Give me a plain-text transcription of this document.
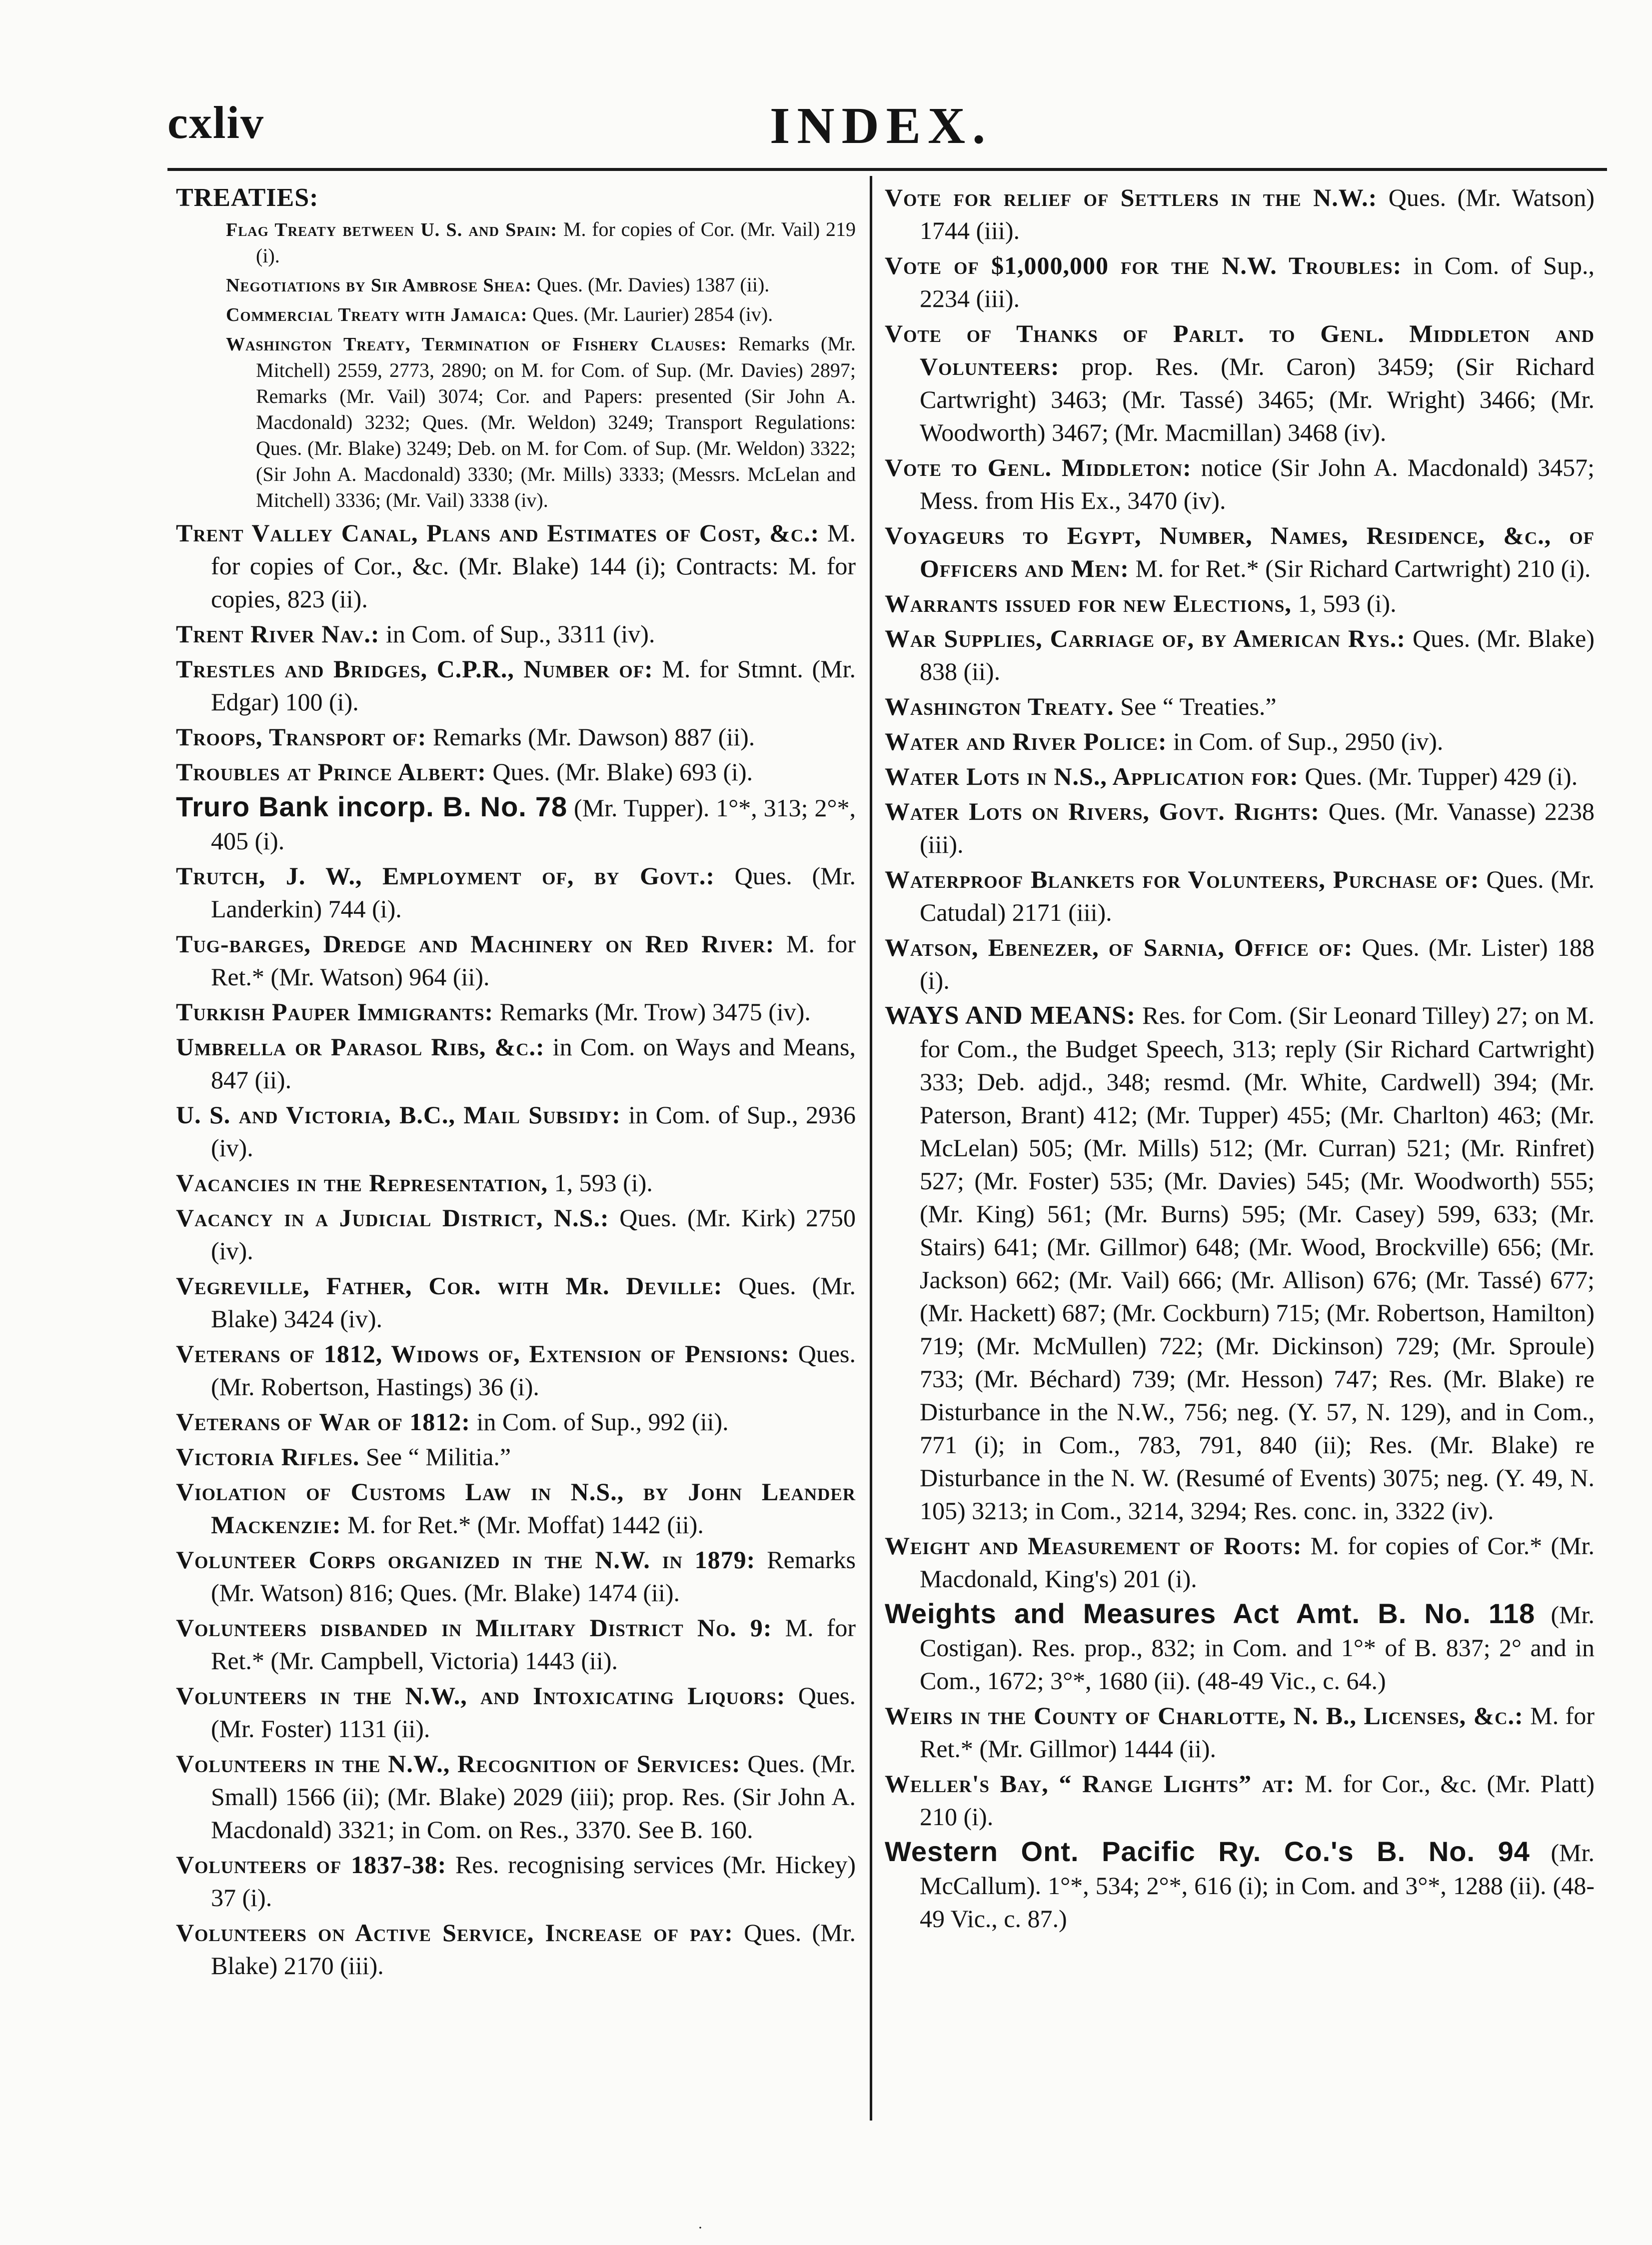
cxliv	INDEX.

TREATIES:

Flag Treaty between U. S. and Spain: M. for copies of Cor. (Mr. Vail) 219 (i).

Negotiations by Sir Ambrose Shea: Ques. (Mr. Davies) 1387 (ii).

Commercial Treaty with Jamaica: Ques. (Mr. Laurier) 2854 (iv).

Washington Treaty, Termination of Fishery Clauses: Remarks (Mr. Mitchell) 2559, 2773, 2890; on M. for Com. of Sup. (Mr. Davies) 2897; Remarks (Mr. Vail) 3074; Cor. and Papers: presented (Sir John A. Macdonald) 3232; Ques. (Mr. Weldon) 3249; Transport Regulations: Ques. (Mr. Blake) 3249; Deb. on M. for Com. of Sup. (Mr. Weldon) 3322; (Sir John A. Macdonald) 3330; (Mr. Mills) 3333; (Messrs. McLelan and Mitchell) 3336; (Mr. Vail) 3338 (iv).

Trent Valley Canal, Plans and Estimates of Cost, &c.: M. for copies of Cor., &c. (Mr. Blake) 144 (i); Contracts: M. for copies, 823 (ii).

Trent River Nav.: in Com. of Sup., 3311 (iv).

Trestles and Bridges, C.P.R., Number of: M. for Stmnt. (Mr. Edgar) 100 (i).

Troops, Transport of: Remarks (Mr. Dawson) 887 (ii).

Troubles at Prince Albert: Ques. (Mr. Blake) 693 (i).

Truro Bank incorp. B. No. 78 (Mr. Tupper). 1°*, 313; 2°*, 405 (i).

Trutch, J. W., Employment of, by Govt.: Ques. (Mr. Landerkin) 744 (i).

Tug-barges, Dredge and Machinery on Red River: M. for Ret.* (Mr. Watson) 964 (ii).

Turkish Pauper Immigrants: Remarks (Mr. Trow) 3475 (iv).

Umbrella or Parasol Ribs, &c.: in Com. on Ways and Means, 847 (ii).

U. S. and Victoria, B.C., Mail Subsidy: in Com. of Sup., 2936 (iv).

Vacancies in the Representation, 1, 593 (i).

Vacancy in a Judicial District, N.S.: Ques. (Mr. Kirk) 2750 (iv).

Vegreville, Father, Cor. with Mr. Deville: Ques. (Mr. Blake) 3424 (iv).

Veterans of 1812, Widows of, Extension of Pensions: Ques. (Mr. Robertson, Hastings) 36 (i).

Veterans of War of 1812: in Com. of Sup., 992 (ii).

Victoria Rifles. See “ Militia.”

Violation of Customs Law in N.S., by John Leander Mackenzie: M. for Ret.* (Mr. Moffat) 1442 (ii).

Volunteer Corps organized in the N.W. in 1879: Remarks (Mr. Watson) 816; Ques. (Mr. Blake) 1474 (ii).

Volunteers disbanded in Military District No. 9: M. for Ret.* (Mr. Campbell, Victoria) 1443 (ii).

Volunteers in the N.W., and Intoxicating Liquors: Ques. (Mr. Foster) 1131 (ii).

Volunteers in the N.W., Recognition of Services: Ques. (Mr. Small) 1566 (ii); (Mr. Blake) 2029 (iii); prop. Res. (Sir John A. Macdonald) 3321; in Com. on Res., 3370. See B. 160.

Volunteers of 1837-38: Res. recognising services (Mr. Hickey) 37 (i).

Volunteers on Active Service, Increase of pay: Ques. (Mr. Blake) 2170 (iii).

Vote for relief of Settlers in the N.W.: Ques. (Mr. Watson) 1744 (iii).

Vote of $1,000,000 for the N.W. Troubles: in Com. of Sup., 2234 (iii).

Vote of Thanks of Parlt. to Genl. Middleton and Volunteers: prop. Res. (Mr. Caron) 3459; (Sir Richard Cartwright) 3463; (Mr. Tassé) 3465; (Mr. Wright) 3466; (Mr. Woodworth) 3467; (Mr. Macmillan) 3468 (iv).

Vote to Genl. Middleton: notice (Sir John A. Macdonald) 3457; Mess. from His Ex., 3470 (iv).

Voyageurs to Egypt, Number, Names, Residence, &c., of Officers and Men: M. for Ret.* (Sir Richard Cartwright) 210 (i).

Warrants issued for new Elections, 1, 593 (i).

War Supplies, Carriage of, by American Rys.: Ques. (Mr. Blake) 838 (ii).

Washington Treaty. See “ Treaties.”

Water and River Police: in Com. of Sup., 2950 (iv).

Water Lots in N.S., Application for: Ques. (Mr. Tupper) 429 (i).

Water Lots on Rivers, Govt. Rights: Ques. (Mr. Vanasse) 2238 (iii).

Waterproof Blankets for Volunteers, Purchase of: Ques. (Mr. Catudal) 2171 (iii).

Watson, Ebenezer, of Sarnia, Office of: Ques. (Mr. Lister) 188 (i).

WAYS AND MEANS: Res. for Com. (Sir Leonard Tilley) 27; on M. for Com., the Budget Speech, 313; reply (Sir Richard Cartwright) 333; Deb. adjd., 348; resmd. (Mr. White, Cardwell) 394; (Mr. Paterson, Brant) 412; (Mr. Tupper) 455; (Mr. Charlton) 463; (Mr. McLelan) 505; (Mr. Mills) 512; (Mr. Curran) 521; (Mr. Rinfret) 527; (Mr. Foster) 535; (Mr. Davies) 545; (Mr. Woodworth) 555; (Mr. King) 561; (Mr. Burns) 595; (Mr. Casey) 599, 633; (Mr. Stairs) 641; (Mr. Gillmor) 648; (Mr. Wood, Brockville) 656; (Mr. Jackson) 662; (Mr. Vail) 666; (Mr. Allison) 676; (Mr. Tassé) 677; (Mr. Hackett) 687; (Mr. Cockburn) 715; (Mr. Robertson, Hamilton) 719; (Mr. McMullen) 722; (Mr. Dickinson) 729; (Mr. Sproule) 733; (Mr. Béchard) 739; (Mr. Hesson) 747; Res. (Mr. Blake) re Disturbance in the N.W., 756; neg. (Y. 57, N. 129), and in Com., 771 (i); in Com., 783, 791, 840 (ii); Res. (Mr. Blake) re Disturbance in the N. W. (Resumé of Events) 3075; neg. (Y. 49, N. 105) 3213; in Com., 3214, 3294; Res. conc. in, 3322 (iv).

Weight and Measurement of Roots: M. for copies of Cor.* (Mr. Macdonald, King's) 201 (i).

Weights and Measures Act Amt. B. No. 118 (Mr. Costigan). Res. prop., 832; in Com. and 1°* of B. 837; 2° and in Com., 1672; 3°*, 1680 (ii). (48-49 Vic., c. 64.)

Weirs in the County of Charlotte, N. B., Licenses, &c.: M. for Ret.* (Mr. Gillmor) 1444 (ii).

Weller's Bay, “ Range Lights” at: M. for Cor., &c. (Mr. Platt) 210 (i).

Western Ont. Pacific Ry. Co.'s B. No. 94 (Mr. McCallum). 1°*, 534; 2°*, 616 (i); in Com. and 3°*, 1288 (ii). (48-49 Vic., c. 87.)

·
